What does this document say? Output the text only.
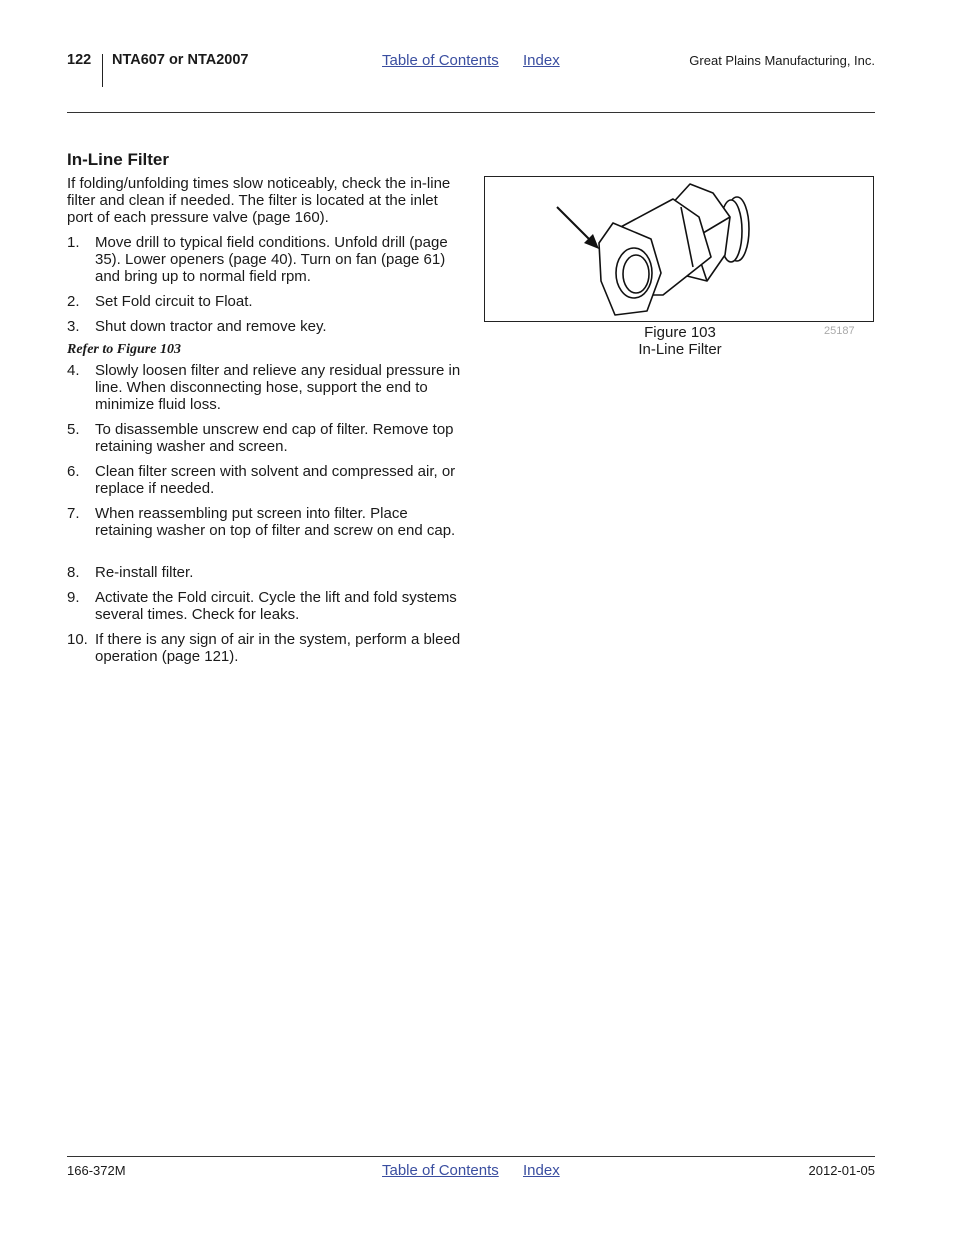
122 NTA607 or NTA2007	Table of Contents Index	Great Plains Manufacturing, Inc.
In-Line Filter
If folding/unfolding times slow noticeably, check the in-line filter and clean if needed. The filter is located at the inlet port of each pressure valve (page 160).
1. Move drill to typical field conditions. Unfold drill (page 35). Lower openers (page 40). Turn on fan (page 61) and bring up to normal field rpm.
2. Set Fold circuit to Float.
3. Shut down tractor and remove key.
Refer to Figure 103
4. Slowly loosen filter and relieve any residual pressure in line. When disconnecting hose, support the end to minimize fluid loss.
5. To disassemble unscrew end cap of filter. Remove top retaining washer and screen.
6. Clean filter screen with solvent and compressed air, or replace if needed.
7. When reassembling put screen into filter. Place retaining washer on top of filter and screw on end cap.
8. Re-install filter.
9. Activate the Fold circuit. Cycle the lift and fold systems several times. Check for leaks.
10. If there is any sign of air in the system, perform a bleed operation (page 121).
Figure 103
In-Line Filter
25187
166-372M	Table of Contents Index	2012-01-05
